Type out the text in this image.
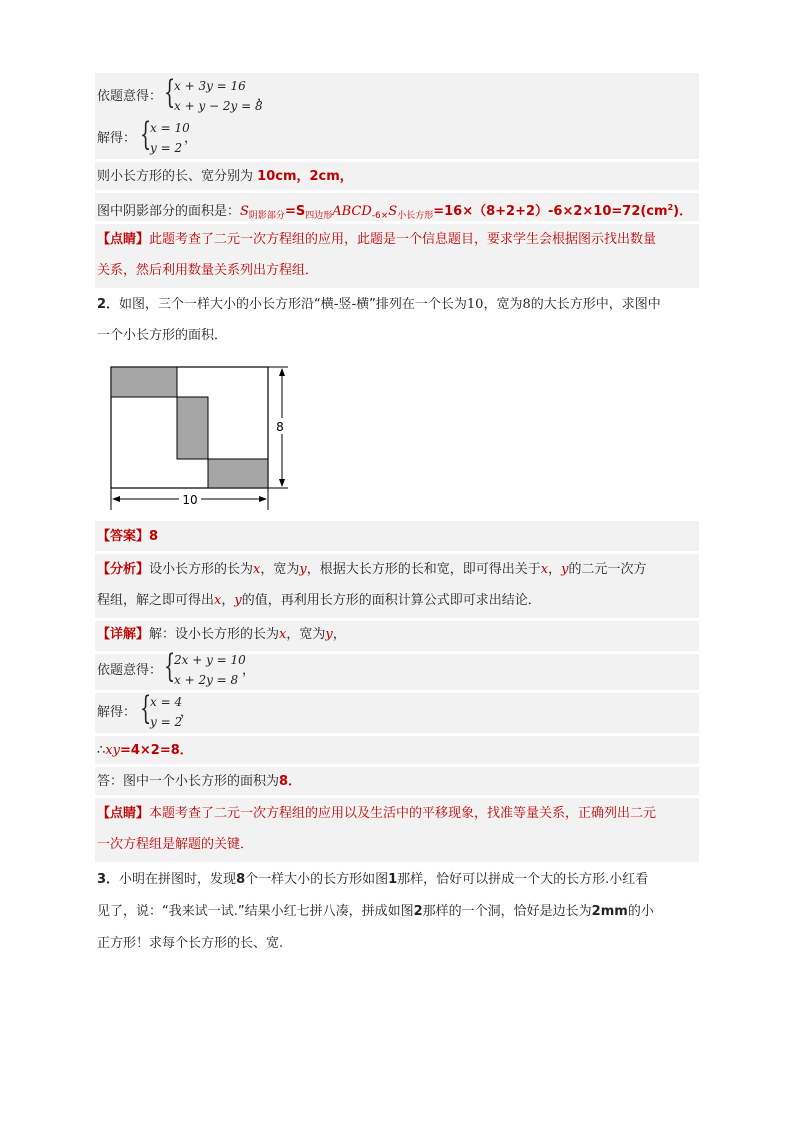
依题意得： {
x + 3y = 16
x + y − 2y = 8
，
解得： {
x = 10
y = 2
，
则小长方形的长、宽分别为 10cm，2cm，
图中阴影部分的面积是：$S_{阴影部分}=S_{四边形}ABCD_{-6\times}S_{小长方形}=16\times(8+2+2)-6\times 2\times 10=72(cm^2)$．
【点睛】此题考查了二元一次方程组的应用，此题是一个信息题目，要求学生会根据图示找出数量
关系，然后利用数量关系列出方程组．
2．如图，三个一样大小的小长方形沿“横-竖-横”排列在一个长为10，宽为8的大长方形中，求图中
一个小长方形的面积．
8
10
【答案】8
【分析】设小长方形的长为x，宽为y，根据大长方形的长和宽，即可得出关于x，y的二元一次方
程组，解之即可得出x，y的值，再利用长方形的面积计算公式即可求出结论．
【详解】解：设小长方形的长为x，宽为y，
依题意得： {
2x + y = 10
x + 2y = 8
，
解得： {
x = 4
y = 2
，
∴xy=4×2=8．
答：图中一个小长方形的面积为8．
【点睛】本题考查了二元一次方程组的应用以及生活中的平移现象，找准等量关系，正确列出二元
一次方程组是解题的关键．
3．小明在拼图时，发现8个一样大小的长方形如图1那样，恰好可以拼成一个大的长方形.小红看
见了，说：“我来试一试.”结果小红七拼八凑，拼成如图2那样的一个洞，恰好是边长为2mm的小
正方形！求每个长方形的长、宽.
